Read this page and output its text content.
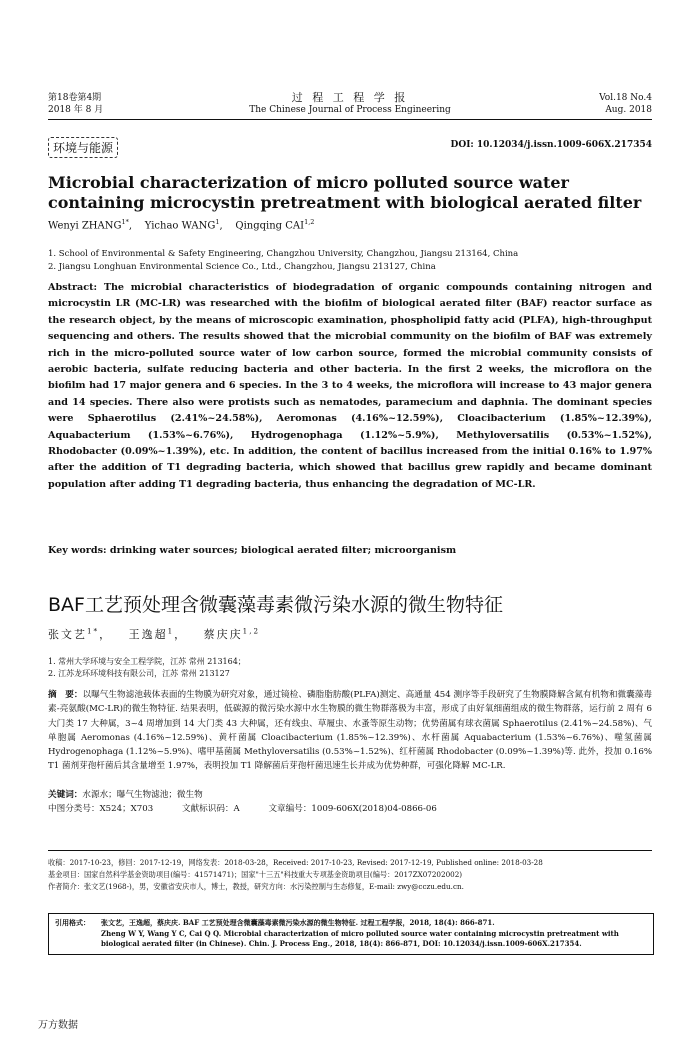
第18卷第4期
2018 年 8 月
过 程 工 程 学 报
The Chinese Journal of Process Engineering
Vol.18 No.4
Aug. 2018
环境与能源	DOI: 10.12034/j.issn.1009-606X.217354
Microbial characterization of micro polluted source water containing microcystin pretreatment with biological aerated filter
Wenyi $ZHANG^{1*}$,    Yichao WANG$^1$,    Qingqing CAI$^{1,2}$
1. School of Environmental & Safety Engineering, Changzhou University, Changzhou, Jiangsu 213164, China
2. Jiangsu Longhuan Environmental Science Co., Ltd., Changzhou, Jiangsu 213127, China
Abstract: The microbial characteristics of biodegradation of organic compounds containing nitrogen and microcystin LR (MC-LR) was researched with the biofilm of biological aerated filter (BAF) reactor surface as the research object, by the means of microscopic examination, phospholipid fatty acid (PLFA), high-throughput sequencing and others. The results showed that the microbial community on the biofilm of BAF was extremely rich in the micro-polluted source water of low carbon source, formed the microbial community consists of aerobic bacteria, sulfate reducing bacteria and other bacteria. In the first 2 weeks, the microflora on the biofilm had 17 major genera and 6 species. In the 3 to 4 weeks, the microflora will increase to 43 major genera and 14 species. There also were protists such as nematodes, paramecium and daphnia. The dominant species were Sphaerotilus (2.41%~24.58%), Aeromonas (4.16%~12.59%), Cloacibacterium (1.85%~12.39%), Aquabacterium (1.53%~6.76%), Hydrogenophaga (1.12%~5.9%), Methyloversatilis (0.53%~1.52%), Rhodobacter (0.09%~1.39%), etc. In addition, the content of bacillus increased from the initial 0.16% to 1.97% after the addition of T1 degrading bacteria, which showed that bacillus grew rapidly and became dominant population after adding T1 degrading bacteria, thus enhancing the degradation of MC-LR.
Key words: drinking water sources; biological aerated filter; microorganism
BAF工艺预处理含微囊藻毒素微污染水源的微生物特征
张文艺$^{1*}$，   王逸超$^1$，   蔡庆庆$^{1,2}$
1. 常州大学环境与安全工程学院，江苏 常州 213164；
2. 江苏龙环环境科技有限公司，江苏 常州 213127
摘　要：以曝气生物滤池载体表面的生物膜为研究对象，通过镜检、磷脂脂肪酸(PLFA)测定、高通量 454 测序等手段研究了生物膜降解含氮有机物和微囊藻毒素-亮氨酸(MC-LR)的微生物特征. 结果表明，低碳源的微污染水源中水生物膜的微生物群落极为丰富，形成了由好氧细菌组成的微生物群落，运行前 2 周有 6 大门类 17 大种属，3~4 周增加到 14 大门类 43 大种属，还有线虫、草履虫、水蚤等原生动物；优势菌属有球衣菌属 Sphaerotilus (2.41%~24.58%)、气单胞属 Aeromonas (4.16%~12.59%)、黄杆菌属 Cloacibacterium (1.85%~12.39%)、水杆菌属 Aquabacterium (1.53%~6.76%)、噬氢菌属 Hydrogenophaga (1.12%~5.9%)、嗜甲基菌属 Methyloversatilis (0.53%~1.52%)、红杆菌属 Rhodobacter (0.09%~1.39%)等. 此外，投加 0.16% T1 菌剂芽孢杆菌后其含量增至 1.97%，表明投加 T1 降解菌后芽孢杆菌迅速生长并成为优势种群，可强化降解 MC-LR.
关键词：水源水；曝气生物滤池；微生物
中图分类号：X524；X703	文献标识码：A	文章编号：1009-606X(2018)04-0866-06
收稿：2017-10-23，修回：2017-12-19，网络发表：2018-03-28，Received: 2017-10-23, Revised: 2017-12-19, Published online: 2018-03-28
基金项目：国家自然科学基金资助项目(编号：41571471)；国家"十三五"科技重大专项基金资助项目(编号：2017ZX07202002)
作者简介：张文艺(1968-)，男，安徽省安庆市人，博士，教授，研究方向：水污染控制与生态修复，E-mail: zwy@cczu.edu.cn.
引用格式：	张文艺，王逸超，蔡庆庆. BAF 工艺预处理含微囊藻毒素微污染水源的微生物特征. 过程工程学报，2018, 18(4): 866-871.
Zheng W Y, Wang Y C, Cai Q Q. Microbial characterization of micro polluted source water containing microcystin pretreatment with biological aerated filter (in Chinese). Chin. J. Process Eng., 2018, 18(4): 866-871, DOI: 10.12034/j.issn.1009-606X.217354.
万方数据
